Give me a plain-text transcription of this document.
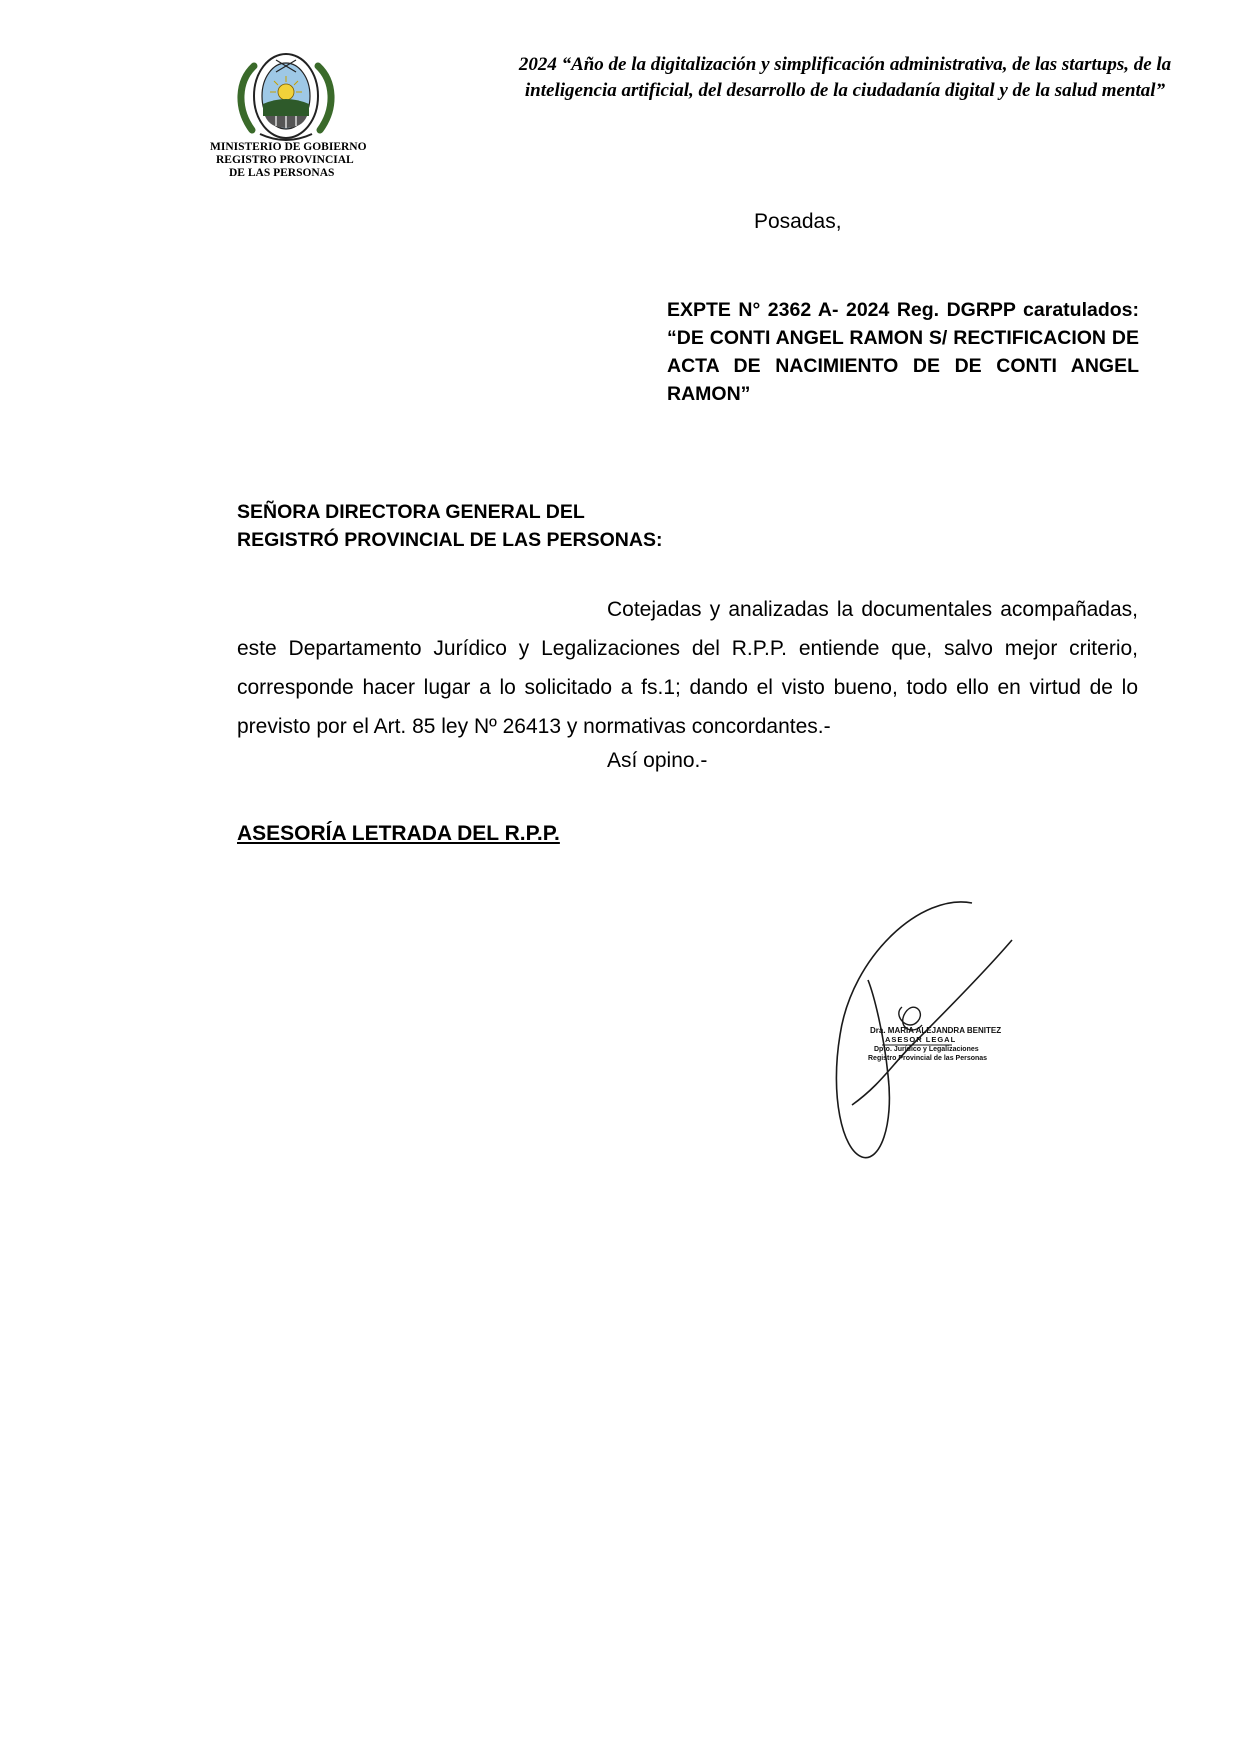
MINISTERIO DE GOBIERNO
REGISTRO PROVINCIAL
DE LAS PERSONAS
2024 “Año de la digitalización y simplificación administrativa, de las startups, de la inteligencia artificial, del desarrollo de la ciudadanía digital y de la salud mental”
Posadas,
EXPTE N° 2362 A- 2024 Reg. DGRPP caratulados: “DE CONTI ANGEL RAMON S/ RECTIFICACION DE ACTA DE NACIMIENTO DE DE CONTI ANGEL RAMON”
SEÑORA DIRECTORA GENERAL DEL
REGISTRÓ PROVINCIAL DE LAS PERSONAS:
Cotejadas y analizadas la documentales acompañadas, este Departamento Jurídico y Legalizaciones del R.P.P. entiende que, salvo mejor criterio, corresponde hacer lugar a lo solicitado a fs.1; dando el visto bueno, todo ello en virtud de lo previsto por el Art. 85 ley Nº 26413 y normativas concordantes.-
Así opino.-
ASESORÍA LETRADA DEL R.P.P.
Dra. MARIA ALEJANDRA BENITEZ
ASESOR LEGAL
Dpto. Jurídico y Legalizaciones
Registro Provincial de las Personas
